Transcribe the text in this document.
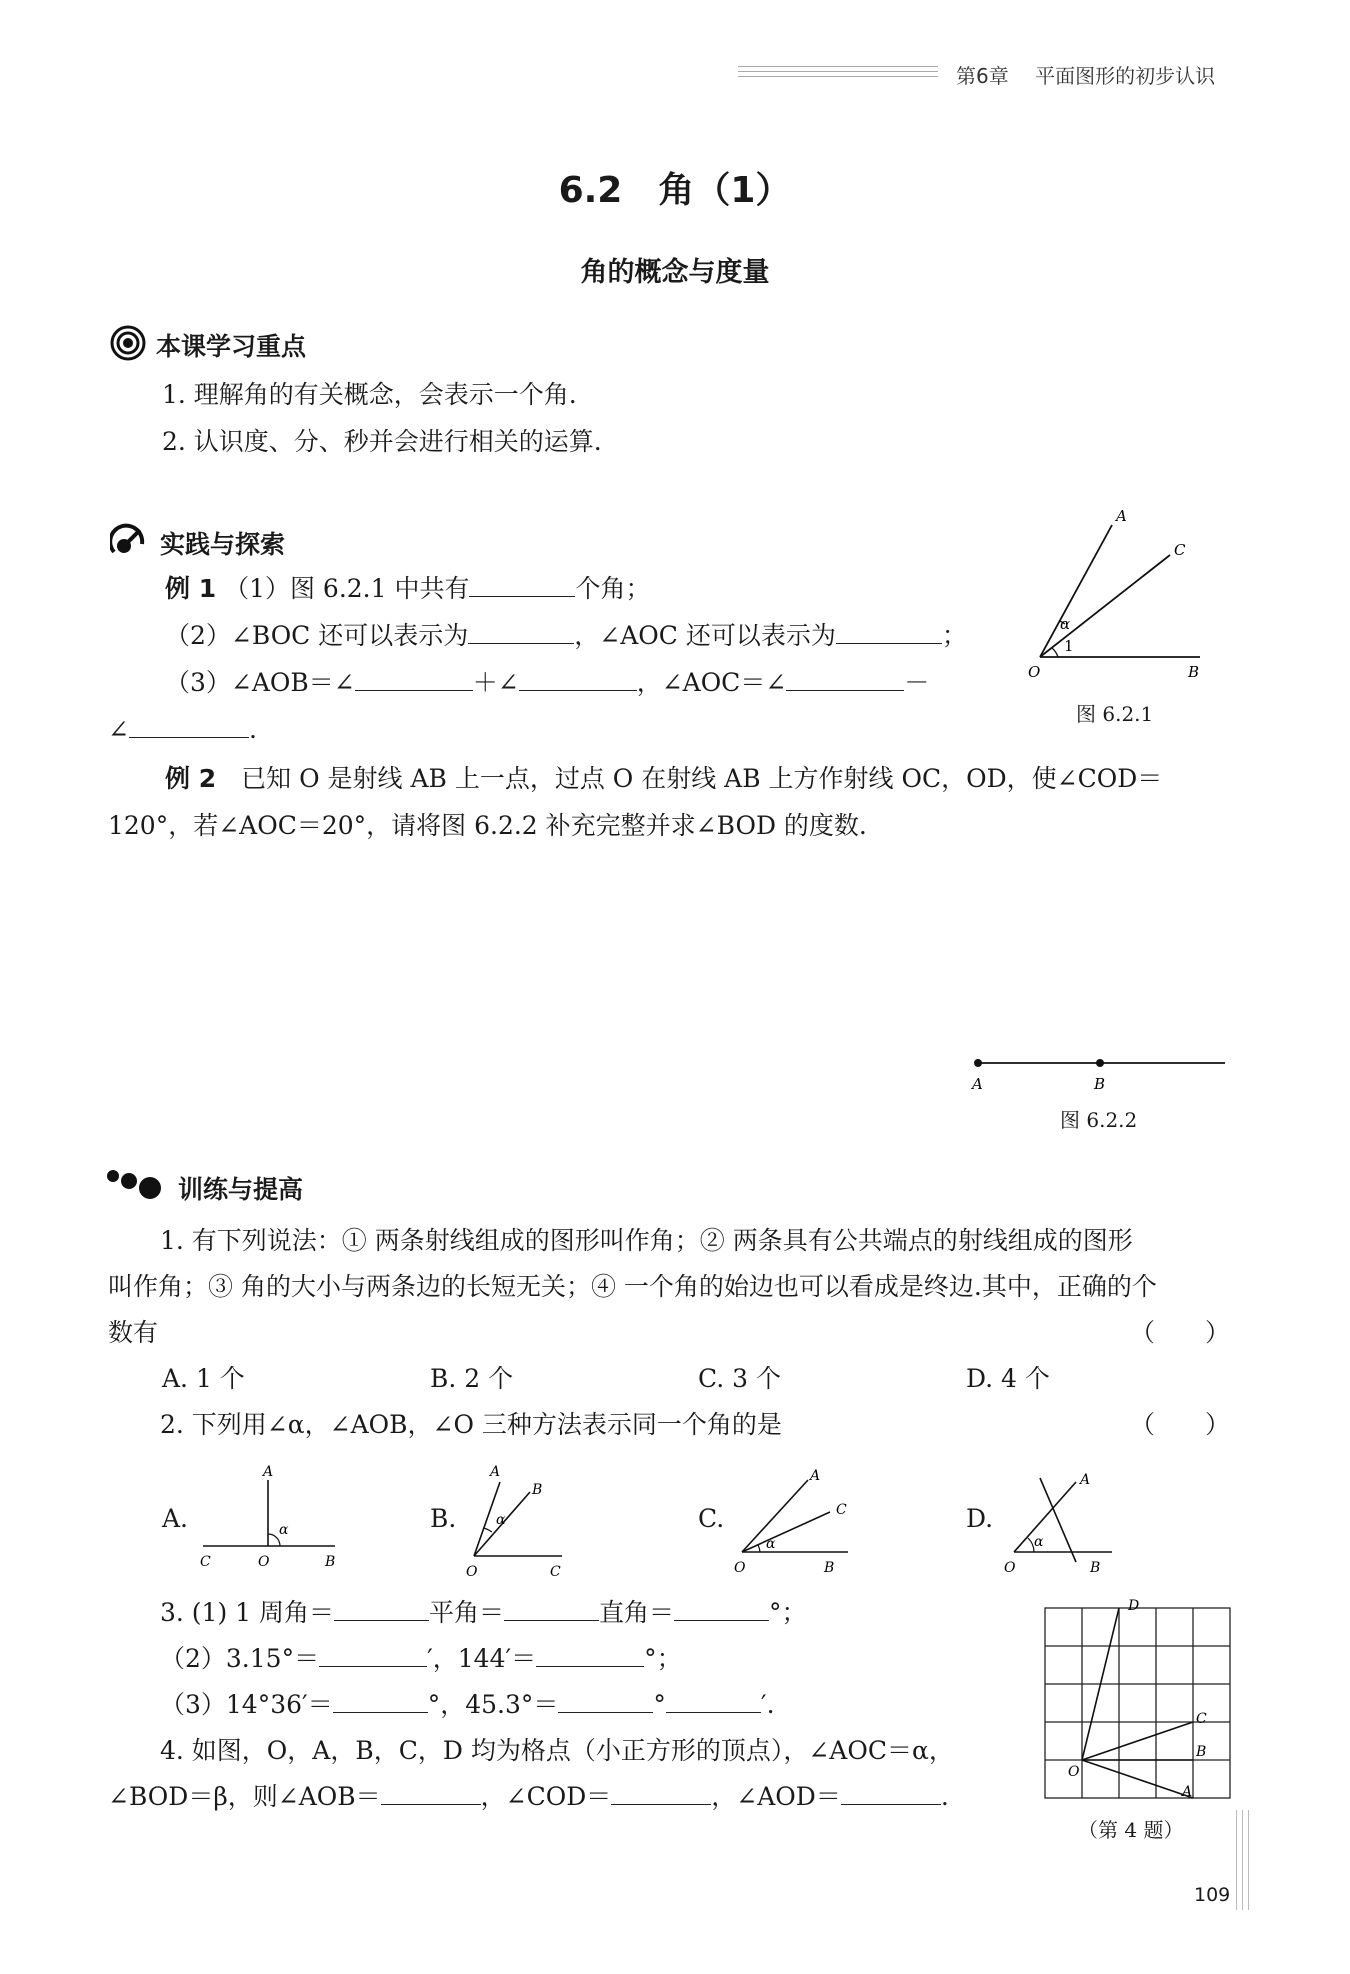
第6章　 平面图形的初步认识
6.2　角（1）
角的概念与度量
本课学习重点
1. 理解角的有关概念，会表示一个角.
2. 认识度、分、秒并会进行相关的运算.
实践与探索
例 1 （1）图 6.2.1 中共有	个角；
（2）∠BOC 还可以表示为	，∠AOC 还可以表示为	；
（3）∠AOB＝∠	＋∠	，∠AOC＝∠	－
∠	.
A
C
O	B
α
1
图 6.2.1
例 2　 已知 O 是射线 AB 上一点，过点 O 在射线 AB 上方作射线 OC，OD，使∠COD＝
120°，若∠AOC＝20°，请将图 6.2.2 补充完整并求∠BOD 的度数.
A	B
图 6.2.2
训练与提高
1. 有下列说法：① 两条射线组成的图形叫作角；② 两条具有公共端点的射线组成的图形
叫作角；③ 角的大小与两条边的长短无关；④ 一个角的始边也可以看成是终边.其中，正确的个
数有	（　　）
A. 1 个	B. 2 个	C. 3 个	D. 4 个
2. 下列用∠α，∠AOB，∠O 三种方法表示同一个角的是	（　　）
A.
A
α
C	O	B
B.
A
B
α
O	C
C.
A
C
α
O	B
D.
A
α
O	B
3. (1) 1 周角＝	平角＝	直角＝	°；
（2）3.15°＝	′，144′＝	°；
（3）14°36′＝	°，45.3°＝	°	′.
4. 如图，O，A，B，C，D 均为格点（小正方形的顶点），∠AOC＝α，
∠BOD＝β，则∠AOB＝	，∠COD＝	，∠AOD＝	.
D
C
B
O
A
（第 4 题）
109
